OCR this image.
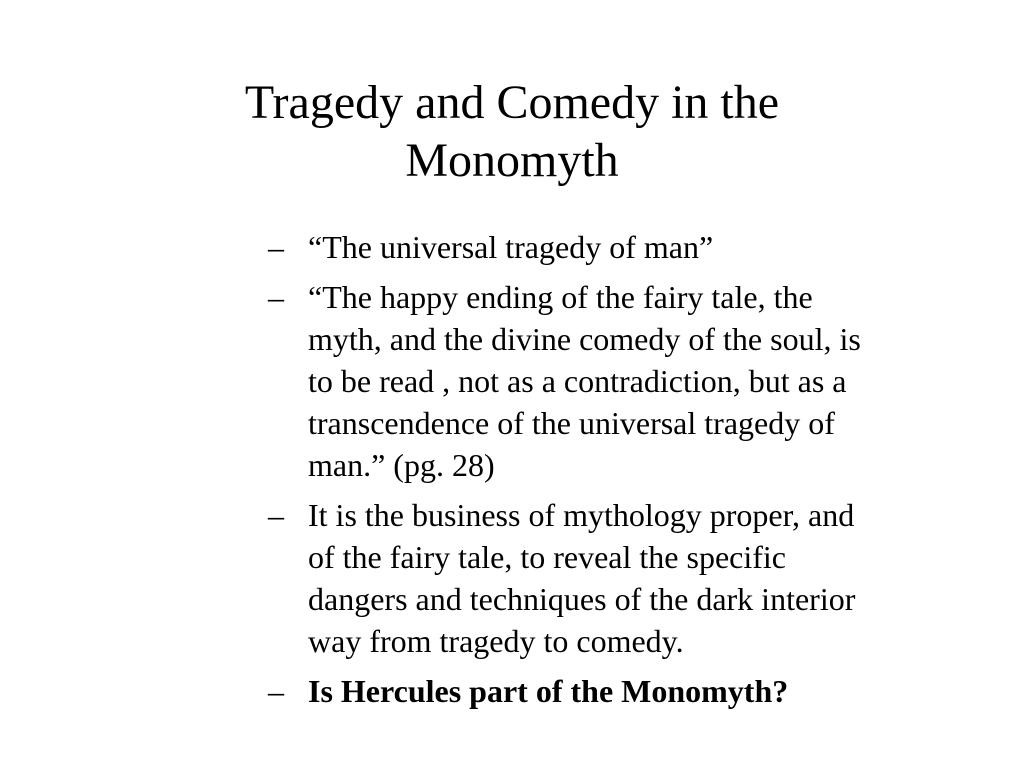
Tragedy and Comedy in the
Monomyth
– “The universal tragedy of man”
– “The happy ending of the fairy tale, the
myth, and the divine comedy of the soul, is
to be read , not as a contradiction, but as a
transcendence of the universal tragedy of
man.” (pg. 28)
– It is the business of mythology proper, and
of the fairy tale, to reveal the specific
dangers and techniques of the dark interior
way from tragedy to comedy.
– Is Hercules part of the Monomyth?
